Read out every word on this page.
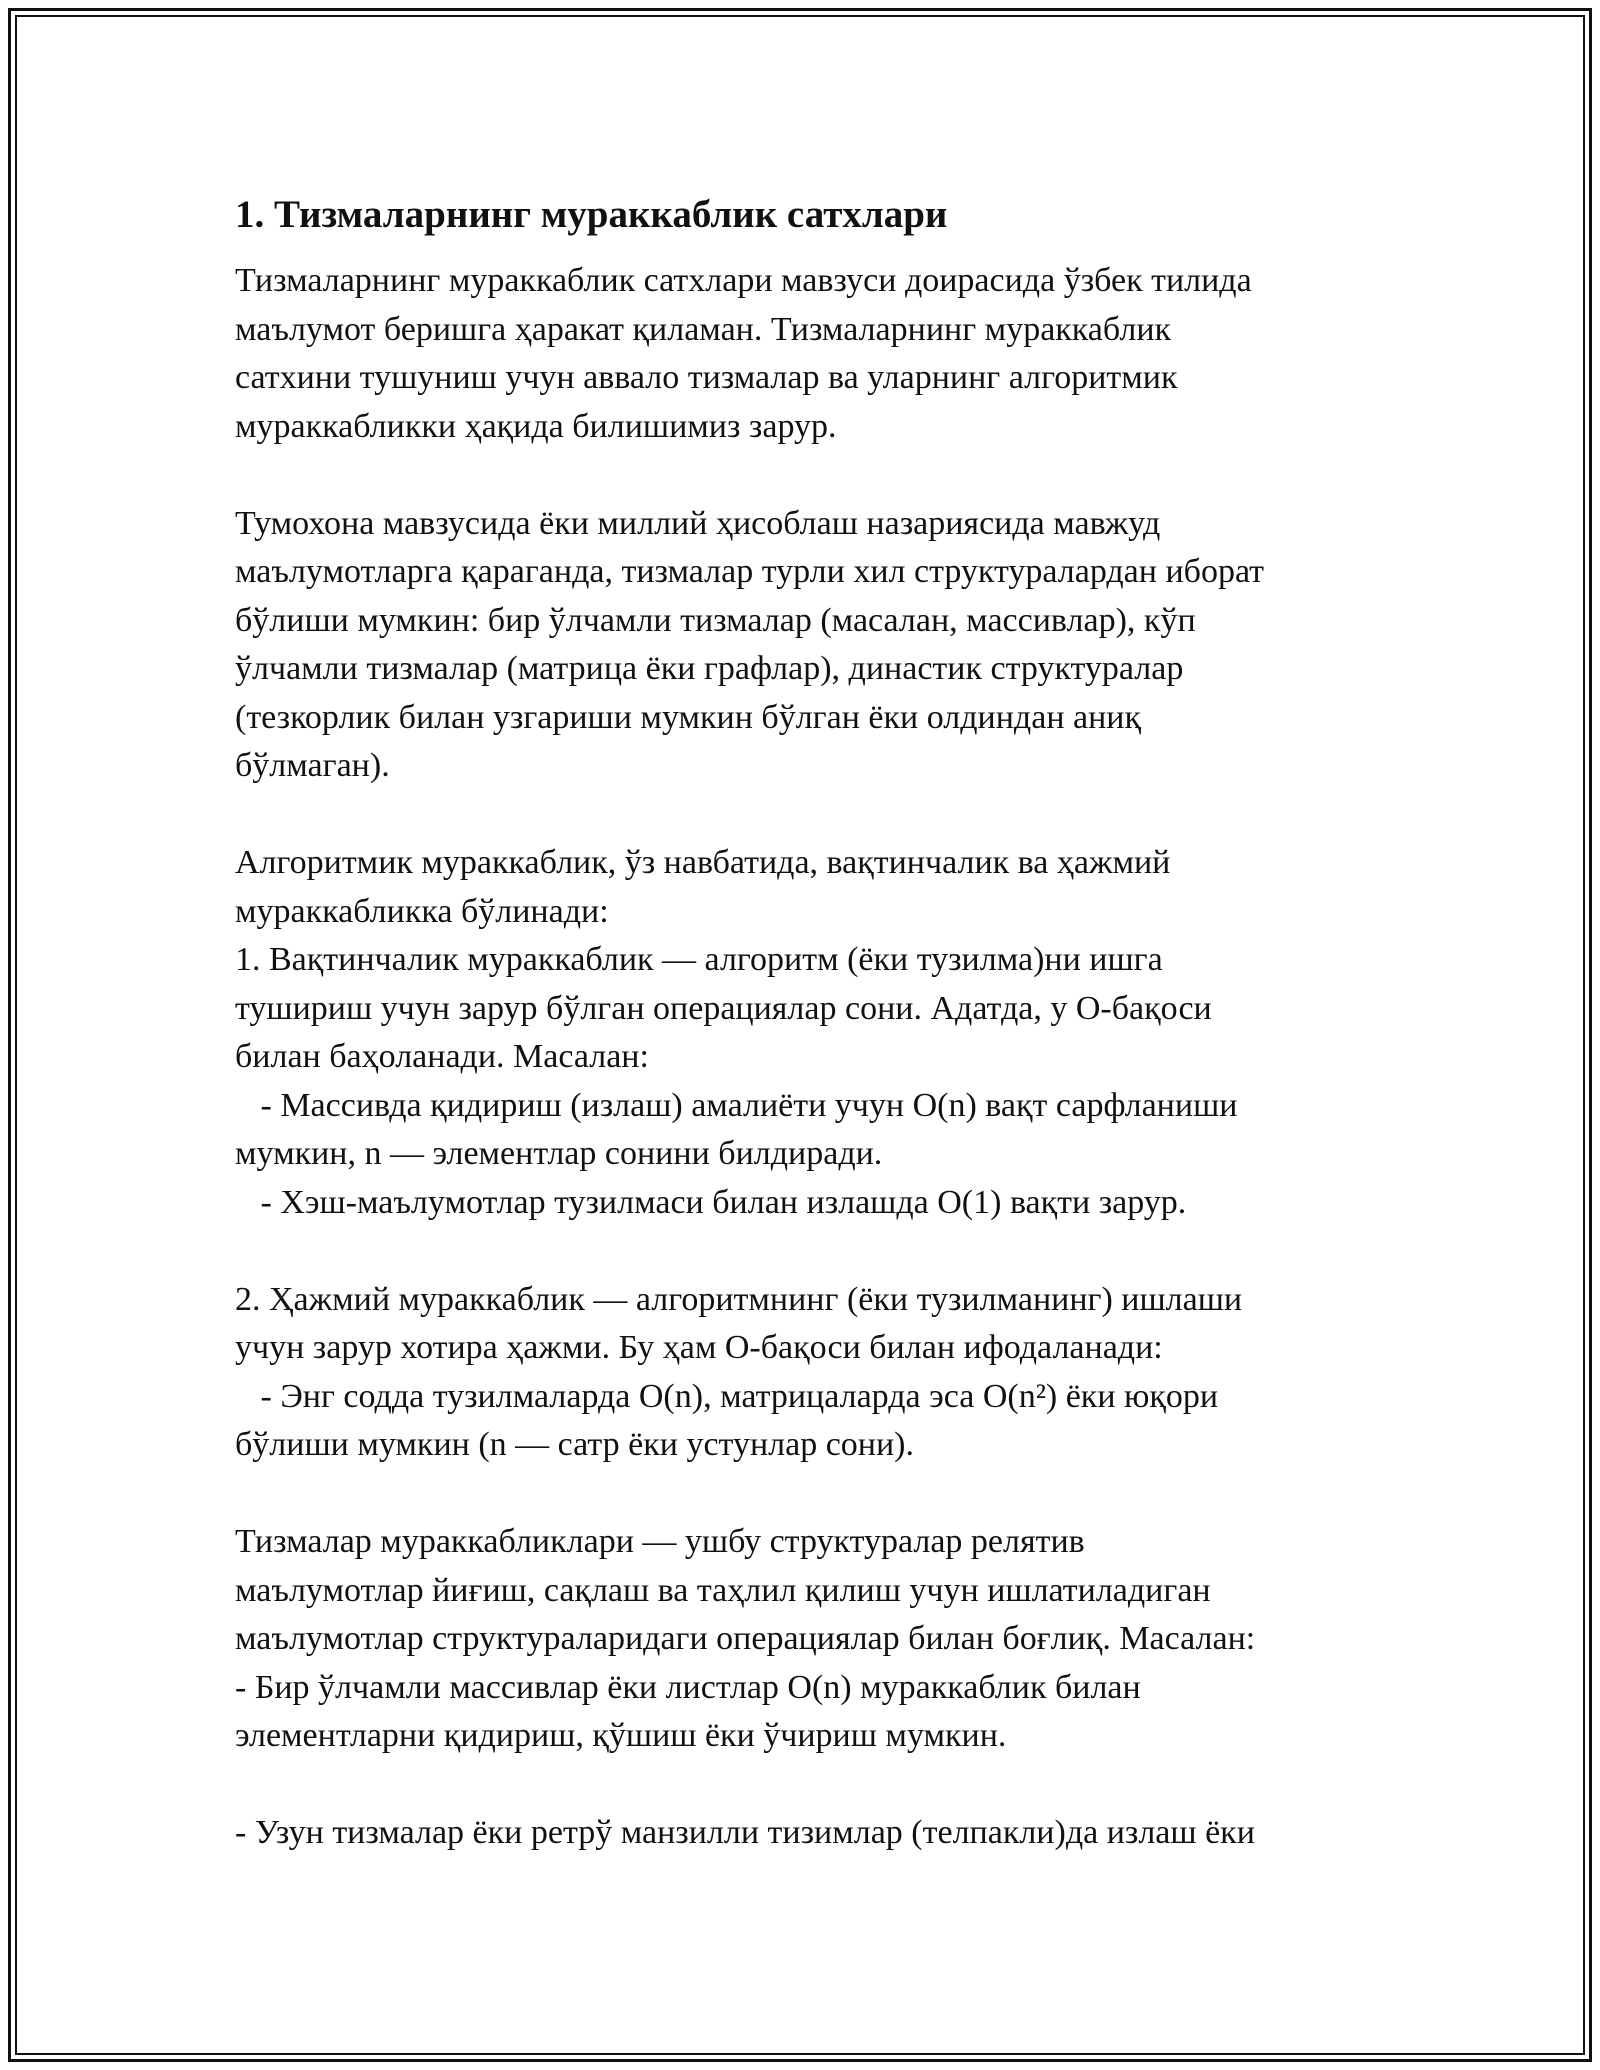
1. Тизмаларнинг мураккаблик сатхлари

Тизмаларнинг мураккаблик сатхлари мавзуси доирасида ўзбек тилида
маълумот беришга ҳаракат қиламан. Тизмаларнинг мураккаблик
сатхини тушуниш учун аввало тизмалар ва уларнинг алгоритмик
мураккабликки ҳақида билишимиз зарур.

Тумохона мавзусида ёки миллий ҳисоблаш назариясида мавжуд
маълумотларга қараганда, тизмалар турли хил структуралардан иборат
бўлиши мумкин: бир ўлчамли тизмалар (масалан, массивлар), кўп
ўлчамли тизмалар (матрица ёки графлар), династик структуралар
(тезкорлик билан узгариши мумкин бўлган ёки олдиндан аниқ
бўлмаган).

Алгоритмик мураккаблик, ўз навбатида, вақтинчалик ва ҳажмий
мураккабликка бўлинади:
1. Вақтинчалик мураккаблик — алгоритм (ёки тузилма)ни ишга
тушириш учун зарур бўлган операциялар сони. Адатда, у O-бақоси
билан баҳоланади. Масалан:
- Массивда қидириш (излаш) амалиёти учун O(n) вақт сарфланиши
мумкин, n — элементлар сонини билдиради.
- Хэш-маълумотлар тузилмаси билан излашда O(1) вақти зарур.

2. Ҳажмий мураккаблик — алгоритмнинг (ёки тузилманинг) ишлаши
учун зарур хотира ҳажми. Бу ҳам O-бақоси билан ифодаланади:
- Энг содда тузилмаларда O(n), матрицаларда эса O(n²) ёки юқори
бўлиши мумкин (n — сатр ёки устунлар сони).

Тизмалар мураккабликлари — ушбу структуралар релятив
маълумотлар йиғиш, сақлаш ва таҳлил қилиш учун ишлатиладиган
маълумотлар структураларидаги операциялар билан боғлиқ. Масалан:
- Бир ўлчамли массивлар ёки листлар O(n) мураккаблик билан
элементларни қидириш, қўшиш ёки ўчириш мумкин.

- Узун тизмалар ёки ретрў манзилли тизимлар (телпакли)да излаш ёки
